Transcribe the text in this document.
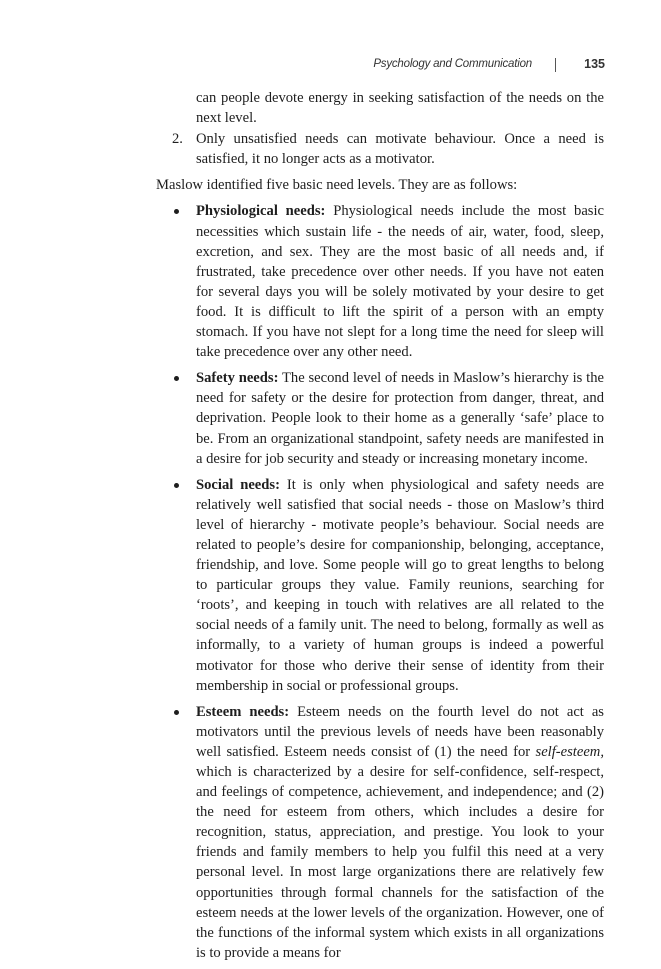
Psychology and Communication	135

can people devote energy in seeking satisfaction of the needs on the next level.

2. Only unsatisfied needs can motivate behaviour. Once a need is satisfied, it no longer acts as a motivator.

Maslow identified five basic need levels. They are as follows:

Physiological needs: Physiological needs include the most basic necessities which sustain life - the needs of air, water, food, sleep, excretion, and sex. They are the most basic of all needs and, if frustrated, take precedence over other needs. If you have not eaten for several days you will be solely motivated by your desire to get food. It is difficult to lift the spirit of a person with an empty stomach. If you have not slept for a long time the need for sleep will take precedence over any other need.

Safety needs: The second level of needs in Maslow’s hierarchy is the need for safety or the desire for protection from danger, threat, and deprivation. People look to their home as a generally ‘safe’ place to be. From an organizational standpoint, safety needs are manifested in a desire for job security and steady or increasing monetary income.

Social needs: It is only when physiological and safety needs are relatively well satisfied that social needs - those on Maslow’s third level of hierarchy - motivate people’s behaviour. Social needs are related to people’s desire for companionship, belonging, acceptance, friendship, and love. Some people will go to great lengths to belong to particular groups they value. Family reunions, searching for ‘roots’, and keeping in touch with relatives are all related to the social needs of a family unit. The need to belong, formally as well as informally, to a variety of human groups is indeed a powerful motivator for those who derive their sense of identity from their membership in social or professional groups.

Esteem needs: Esteem needs on the fourth level do not act as motivators until the previous levels of needs have been reasonably well satisfied. Esteem needs consist of (1) the need for self-esteem, which is characterized by a desire for self-confidence, self-respect, and feelings of competence, achievement, and independence; and (2) the need for esteem from others, which includes a desire for recognition, status, appreciation, and prestige. You look to your friends and family members to help you fulfil this need at a very personal level. In most large organizations there are relatively few opportunities through formal channels for the satisfaction of the esteem needs at the lower levels of the organization. However, one of the functions of the informal system which exists in all organizations is to provide a means for
